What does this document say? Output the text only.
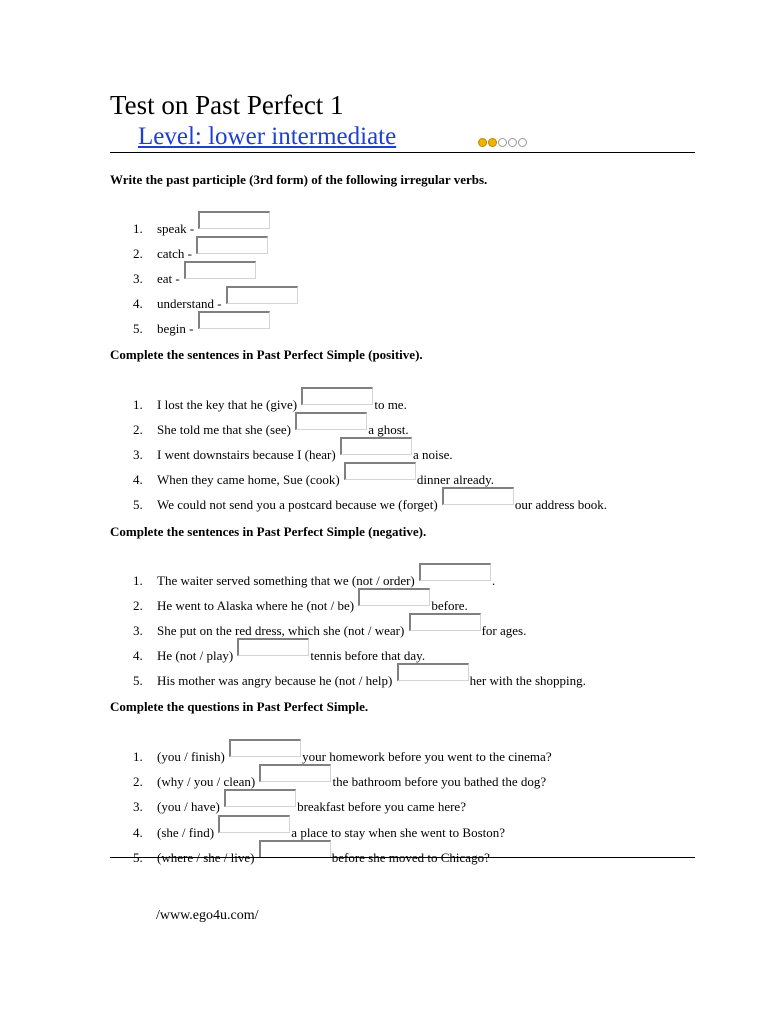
Test on Past Perfect 1
Level: lower intermediate
Write the past participle (3rd form) of the following irregular verbs.
1. speak -
2. catch -
3. eat -
4. understand -
5. begin -
Complete the sentences in Past Perfect Simple (positive).
1. I lost the key that he (give)	to me.
2. She told me that she (see)	a ghost.
3. I went downstairs because I (hear)	a noise.
4. When they came home, Sue (cook)	dinner already.
5. We could not send you a postcard because we (forget)	our address book.
Complete the sentences in Past Perfect Simple (negative).
1. The waiter served something that we (not / order)	.
2. He went to Alaska where he (not / be)	before.
3. She put on the red dress, which she (not / wear)	for ages.
4. He (not / play)	tennis before that day.
5. His mother was angry because he (not / help)	her with the shopping.
Complete the questions in Past Perfect Simple.
1. (you / finish)	your homework before you went to the cinema?
2. (why / you / clean)	the bathroom before you bathed the dog?
3. (you / have)	breakfast before you came here?
4. (she / find)	a place to stay when she went to Boston?
5. (where / she / live)	before she moved to Chicago?
/www.ego4u.com/
